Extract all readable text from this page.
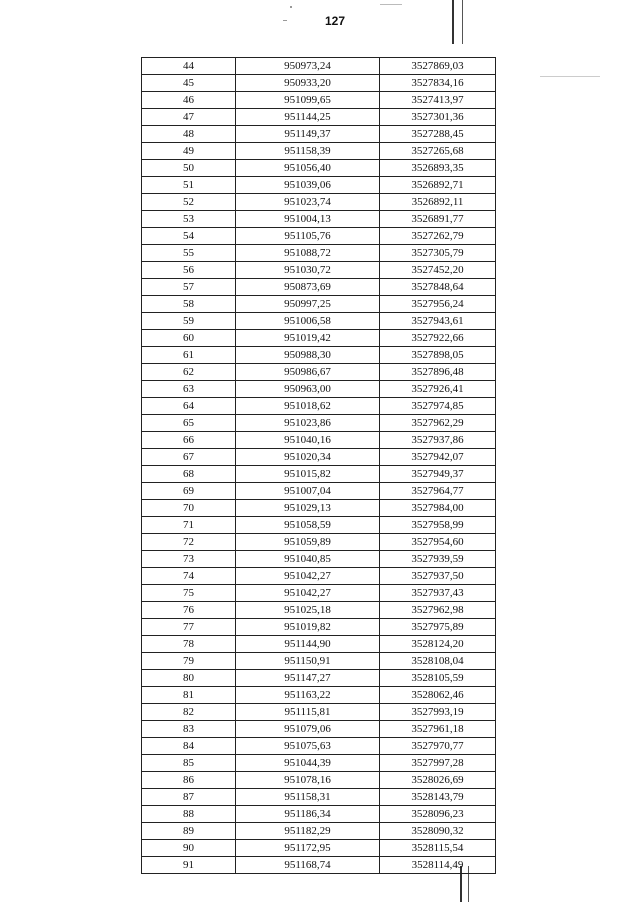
127
44	950973,24	3527869,03
45	950933,20	3527834,16
46	951099,65	3527413,97
47	951144,25	3527301,36
48	951149,37	3527288,45
49	951158,39	3527265,68
50	951056,40	3526893,35
51	951039,06	3526892,71
52	951023,74	3526892,11
53	951004,13	3526891,77
54	951105,76	3527262,79
55	951088,72	3527305,79
56	951030,72	3527452,20
57	950873,69	3527848,64
58	950997,25	3527956,24
59	951006,58	3527943,61
60	951019,42	3527922,66
61	950988,30	3527898,05
62	950986,67	3527896,48
63	950963,00	3527926,41
64	951018,62	3527974,85
65	951023,86	3527962,29
66	951040,16	3527937,86
67	951020,34	3527942,07
68	951015,82	3527949,37
69	951007,04	3527964,77
70	951029,13	3527984,00
71	951058,59	3527958,99
72	951059,89	3527954,60
73	951040,85	3527939,59
74	951042,27	3527937,50
75	951042,27	3527937,43
76	951025,18	3527962,98
77	951019,82	3527975,89
78	951144,90	3528124,20
79	951150,91	3528108,04
80	951147,27	3528105,59
81	951163,22	3528062,46
82	951115,81	3527993,19
83	951079,06	3527961,18
84	951075,63	3527970,77
85	951044,39	3527997,28
86	951078,16	3528026,69
87	951158,31	3528143,79
88	951186,34	3528096,23
89	951182,29	3528090,32
90	951172,95	3528115,54
91	951168,74	3528114,49
